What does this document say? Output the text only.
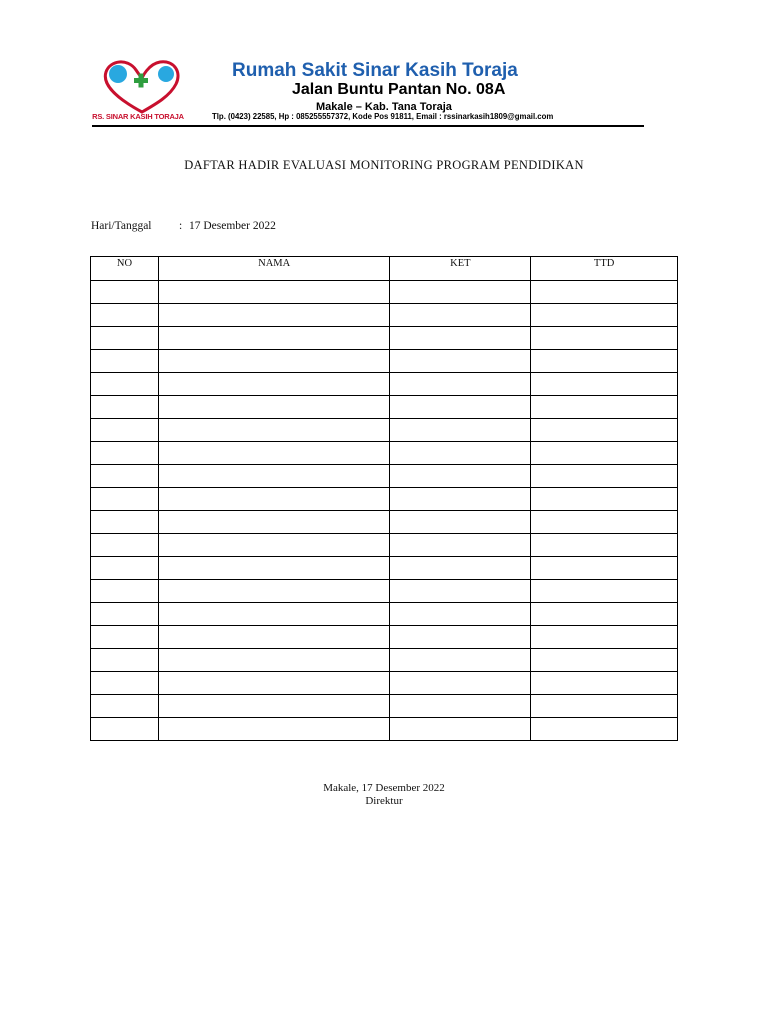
RS. SINAR KASIH TORAJA
Rumah Sakit Sinar Kasih Toraja
Jalan Buntu Pantan No. 08A
Makale – Kab. Tana Toraja
Tlp. (0423) 22585, Hp : 085255557372, Kode Pos 91811, Email : rssinarkasih1809@gmail.com
DAFTAR HADIR EVALUASI MONITORING PROGRAM PENDIDIKAN
Hari/Tanggal : 17 Desember 2022
NO	NAMA	KET	TTD

Makale, 17 Desember 2022
Direktur
